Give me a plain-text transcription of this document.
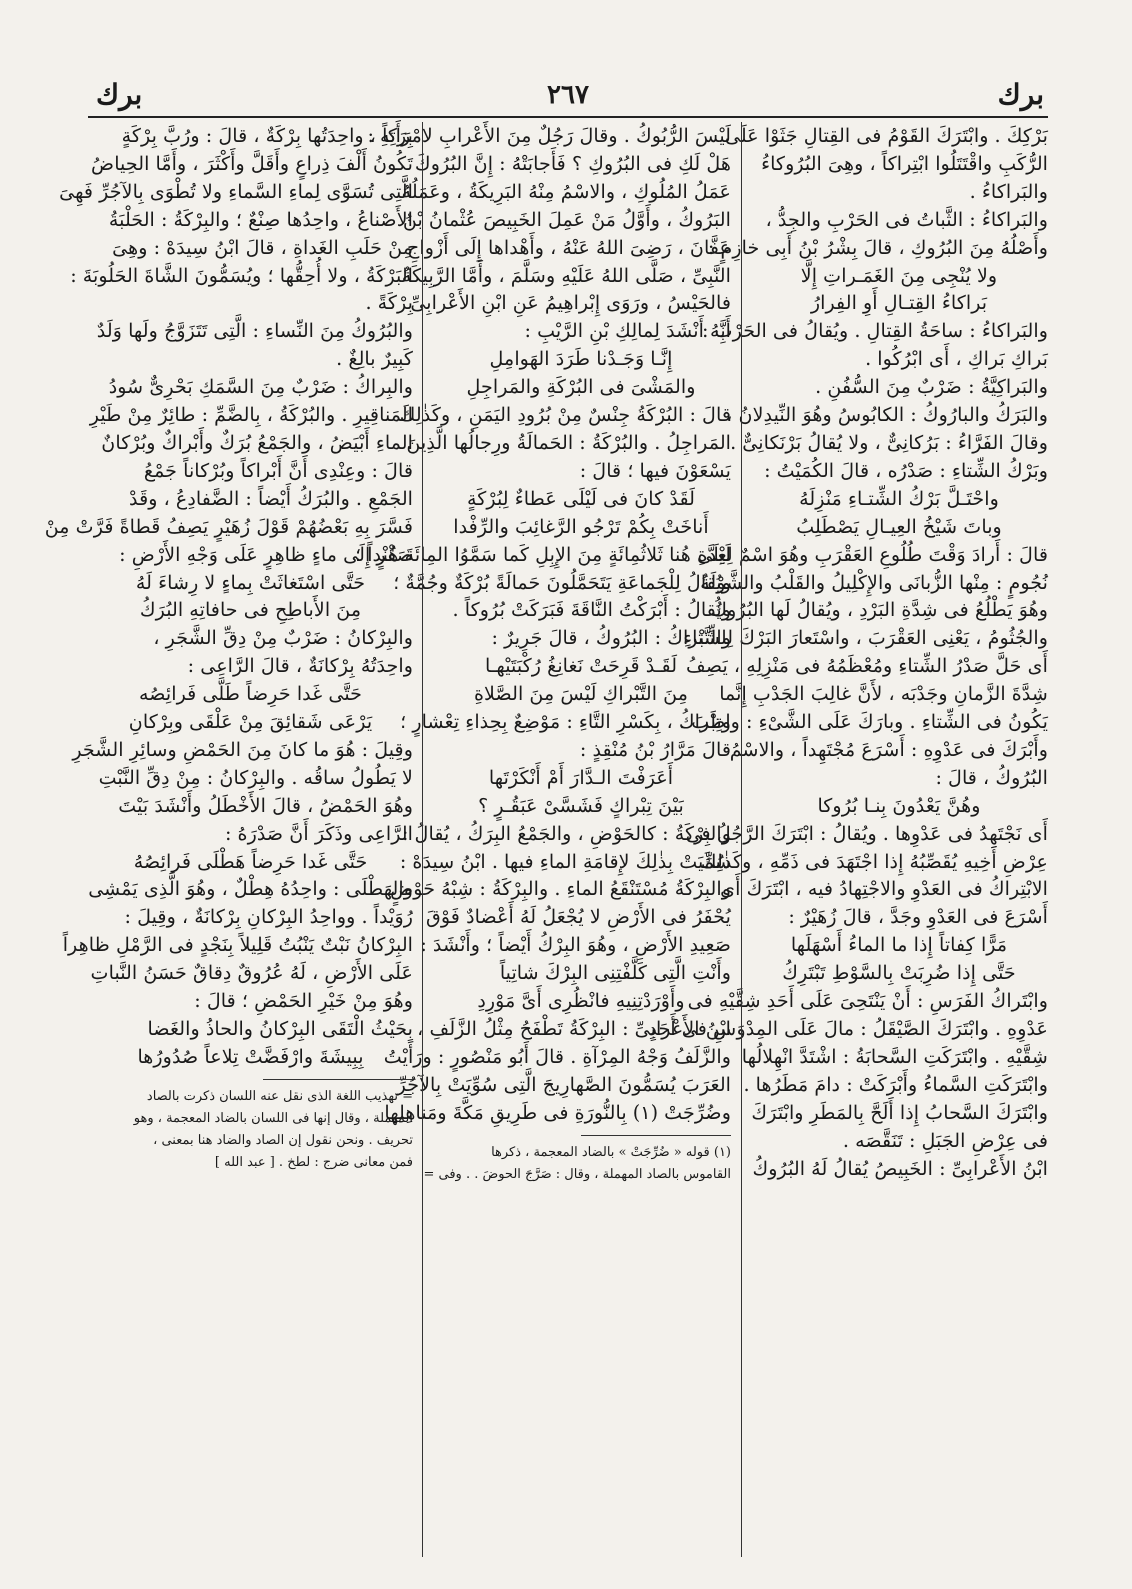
برك	٢٦٧	برك
بَرْكِكَ . وابْتَرَكَ القَوْمُ فى القِتالِ جَثَوْا عَلَى
الرُّكَبِ واقْتَتَلُوا ابْتِراكاً ، وهِىَ البُرُوكاءُ
والبَراكاءُ .
والبَراكاءُ : الثَّباتُ فى الحَرْبِ والجِدُّ ،
وأَصْلُهُ مِنَ البُرُوكِ ، قالَ بِشْرُ بْنُ أَبِى خازِمٍ :
ولا يُنْجِى مِنَ الغَمَـراتِ إِلَّا
بَراكاءُ القِتـالِ أَوِ الفِرارُ
والبَراكاءُ : ساحَةُ القِتالِ . ويُقالُ فى الحَرْبِ :
بَراكِ بَراكِ ، أَى ابْرُكُوا .
والبَراكِيَّةُ : ضَرْبٌ مِنَ السُّفُنِ .
والبَرَكُ والبارُوكُ : الكابُوسُ وهُوَ النِّيدِلانُ ،
وقالَ الفَرَّاءُ : بَرُكانِىٌّ ، ولا يُقالُ بَرْنَكانِىٌّ .
وبَرْكُ الشِّتاءِ : صَدْرُه ، قالَ الكُمَيْتُ :
واحْتَـلَّ بَرْكُ الشِّتـاءِ مَنْزِلَهُ
وباتَ شَيْخُ العِيـالِ يَصْطَلِبُ
قالَ : أَرادَ وَقْتَ طُلُوعِ العَقْرَبِ وهُوَ اسْمٌ لِعِدَّةِ
نُجُومٍ : مِنْها الزُّبانَى والإِكْلِيلُ والقَلْبُ والشَّوْلَةُ
وهُوَ يَطْلُعُ فى شِدَّةِ البَرْدِ ، ويُقالُ لَها البُرُوكُ
والجُثُومُ ، يَعْنِى العَقْرَبَ ، واسْتَعارَ البَرْكَ لِلشِّتاءِ
أَى حَلَّ صَدْرُ الشِّتاءِ ومُعْظَمُهُ فى مَنْزِلِهِ ، يَصِفُ
شِدَّةَ الزَّمانِ وجَدْبَه ، لأَنَّ غالِبَ الجَدْبِ إِنَّما
يَكُونُ فى الشِّتاءِ . وبارَكَ عَلَى الشَّىْءِ : واظَبَ .
وأَبْرَكَ فى عَدْوِهِ : أَسْرَعَ مُجْتَهِداً ، والاسْمُ
البُرُوكُ ، قالَ :
وهُنَّ يَعْدُونَ بِنـا بُرُوكا
أَى نَجْتَهِدُ فى عَدْوِها . ويُقالُ : ابْتَرَكَ الرَّجُلُ فى
عِرْضِ أَخِيهِ يُقَصِّبُهُ إِذا اجْتَهَدَ فى ذَمِّهِ ، وكَذٰلِكَ
الابْتِراكُ فى العَدْوِ والاجْتِهادُ فيه ، ابْتَرَكَ أَى
أَسْرَعَ فى العَدْوِ وجَدَّ ، قالَ زُهَيْرٌ :
مَرًّا كِفاتاً إِذا ما الماءُ أَسْهَلَها
حَتَّى إِذا ضُرِبَتْ بِالسَّوْطِ تَبْتَرِكُ
وابْتَراكُ الفَرَسِ : أَنْ يَنْتَحِىَ عَلَى أَحَدِ شِقَّيْهِ فى
عَدْوِهِ . وابْتَرَكَ الصَّيْقَلُ : مالَ عَلَى المِدْوَسِ فى أَحَدِ
شِقَّيْهِ . وابْتَرَكَتِ السَّحابَةُ : اشْتَدَّ انْهِلالُها
وابْتَرَكَتِ السَّماءُ وأَبْرَكَتْ : دامَ مَطَرُها .
وابْتَرَكَ السَّحابُ إِذا أَلَحَّ بِالمَطَرِ وابْتَرَكَ
فى عِرْضِ الجَبَلِ : تَنَقَّصَه .
ابْنُ الأَعْرابِىِّ : الخَبِيصُ يُقالُ لَهُ البُرُوكُ
لَيْسَ الرُّبُوكُ . وقالَ رَجُلٌ مِنَ الأَعْرابِ لامْرَأَتِهِ :
هَلْ لَكِ فى البُرُوكِ ؟ فَأَجابَتْهُ : إِنَّ البُرُوكَ
عَمَلُ المُلُوكِ ، والاسْمُ مِنْهُ البَرِيكَةُ ، وعَمَلُهُ
البَرُوكُ ، وأَوَّلُ مَنْ عَمِلَ الخَبِيصَ عُثْمانُ بْنُ
عَفَّانَ ، رَضِىَ اللهُ عَنْهُ ، وأَهْداها إِلَى أَزْواجِ
النَّبِىِّ ، صَلَّى اللهُ عَلَيْهِ وسَلَّمَ ، وأَمَّا الرَّبِيكَةُ
فالحَيْسُ ، ورَوَى إِبْراهِيمُ عَنِ ابْنِ الأَعْرابِىِّ
أَنَّهُ أَنْشَدَ لِمالِكِ بْنِ الرَّيْبِ :
إِنَّـا وَجَـدْنا طَرَدَ الهَوامِلِ
والمَشْىَ فى البُرْكَةِ والمَراجِلِ
قالَ : البُرْكَةُ جِنْسٌ مِنْ بُرُودِ اليَمَنِ ، وكَذٰلِكَ
المَراجِلُ . والبُرْكَةُ : الحَمالَةُ ورِجالُها الَّذِينَ
يَسْعَوْنَ فيها ؛ قالَ :
لَقَدْ كانَ فى لَيْلَى عَطاءٌ لِبُرْكَةٍ
أَناخَتْ بِكُمْ تَرْجُو الرَّغائِبَ والرِّفْدا
لَيْلَى هُنا ثَلاثُمِائَةٍ مِنَ الإِبِلِ كَما سَمَّوُا المِائَةَ هُنْداً ؛
ويُقالُ لِلْجَماعَةِ يَتَحَمَّلُونَ حَمالَةً بُرْكَةٌ وجُمَّةٌ ؛
ويُقالُ : أَبْرَكْتُ النَّاقَةَ فَبَرَكَتْ بُرُوكاً .
والتَّبْراكُ : البُرُوكُ ، قالَ جَرِيرٌ :
لَقَـدْ قَرِحَتْ نَغانِغُ رُكْبَتَيْهـا
مِنَ التَّبْراكِ لَيْسَ مِنَ الصَّلاةِ
وتِبْراكُ ، بِكَسْرِ التَّاءِ : مَوْضِعٌ بِحِذاءِ تِعْشارٍ ؛
قالَ مَرَّارُ بْنُ مُنْقِذٍ :
أَعَرَفْتَ الـدَّارَ أَمْ أَنْكَرْتَها
بَيْنَ تِبْراكٍ فَشَسَّىْ عَبَقُـرٍ ؟
والبِرْكَةُ : كالحَوْضِ ، والجَمْعُ البِرَكُ ، يُقالُ :
سُمِّيَتْ بِذٰلِكَ لإِقامَةِ الماءِ فيها . ابْنُ سِيدَهْ :
والبِرْكَةُ مُسْتَنْقَعُ الماءِ . والبِرْكَةُ : شِبْهُ حَوْضٍ
يُحْفَرُ فى الأَرْضِ لا يُجْعَلُ لَهُ أَعْضادٌ فَوْقَ
صَعِيدِ الأَرْضِ ، وهُوَ البِرْكُ أَيْضاً ؛ وأَنْشَدَ :
وأَنْتِ الَّتِى كَلَّفْتِنِى البِرْكَ شاتِياً
وأَوْرَدْتِنِيهِ فانْظُرِى أَىَّ مَوْرِدِ
ابْنُ الأَعْرابِىِّ : البِرْكَةُ تَطْفَحُ مِثْلُ الزَّلَفِ ،
والزَّلَفُ وَجْهُ المِرْآةِ . قالَ أَبُو مَنْصُورٍ : ورَأَيْتُ
العَرَبَ يُسَمُّونَ الصَّهارِيجَ الَّتِى سُوِّيَتْ بِالآجُرِّ
وضُرِّجَتْ (١) بِالنُّورَةِ فى طَرِيقِ مَكَّةَ ومَناهِلِها
(١) قوله « ضُرِّجَتْ » بالضاد المعجمة ، ذكرها
القاموس بالصاد المهملة ، وقال : صَرَّجَ الحوضَ . . وفى =
بِرَكاً ، واحِدَتُها بِرْكَةٌ ، قالَ : ورُبَّ بِرْكَةٍ
تَكُونُ أَلْفَ ذِراعٍ وأَقَلَّ وأَكْثَرَ ، وأَمَّا الحِياضُ
الَّتِى تُسَوَّى لِماءِ السَّماءِ ولا تُطْوَى بِالآجُرِّ فَهِىَ
الأَصْناعُ ، واحِدُها صِنْعٌ ؛ والبِرْكَةُ : الحَلْبَةُ
مِنْ حَلَبِ الغَداةِ ، قالَ ابْنُ سِيدَهْ : وهِىَ
البَرْكَةُ ، ولا أُحِقُّها ؛ ويُسَمُّونَ الشَّاةَ الحَلُوبَةَ :
بِرْكَةً .
والبُرُوكُ مِنَ النِّساءِ : الَّتِى تَتَزَوَّجُ ولَها وَلَدٌ
كَبِيرٌ بالِغٌ .
والبِراكُ : ضَرْبٌ مِنَ السَّمَكِ بَحْرِىٌّ سُودُ
المَناقِيرِ . والبُرْكَةُ ، بِالضَّمِّ : طائِرٌ مِنْ طَيْرِ
الماءِ أَبْيَضُ ، والجَمْعُ بُرَكٌ وأَبْراكٌ وبُرْكانٌ
قالَ : وعِنْدِى أَنَّ أَبْراكاً وبُرْكاناً جَمْعُ
الجَمْعِ . والبُرَكُ أَيْضاً : الضَّفادِعُ ، وقَدْ
فَسَّرَ بِهِ بَعْضُهُمْ قَوْلَ زُهَيْرٍ يَصِفُ قَطاةً فَرَّتْ مِنْ
صَقْرٍ إِلَى ماءٍ ظاهِرٍ عَلَى وَجْهِ الأَرْضِ :
حَتَّى اسْتَغاثَتْ بِماءٍ لا رِشاءَ لَهُ
مِنَ الأَباطِحِ فى حافاتِهِ البُرَكُ
والبِرْكانُ : ضَرْبٌ مِنْ دِقِّ الشَّجَرِ ،
واحِدَتُهُ بِرْكانَةٌ ، قالَ الرَّاعِى :
حَتَّى غَدا حَرِضاً طَلَّى فَرائِصُه
يَرْعَى شَقائِقَ مِنْ عَلْقَى وبِرْكانِ
وقِيلَ : هُوَ ما كانَ مِنَ الحَمْضِ وسائِرِ الشَّجَرِ
لا يَطُولُ ساقُه . والبِرْكانُ : مِنْ دِقِّ النَّبْتِ
وهُوَ الحَمْضُ ، قالَ الأَخْطَلُ وأَنْشَدَ بَيْتَ
الرَّاعِى وذَكَرَ أَنَّ صَدْرَهُ :
حَتَّى غَدا حَرِضاً هَطْلَى فَرائِصُهُ
والهَطْلَى : واحِدُهُ هِطْلٌ ، وهُوَ الَّذِى يَمْشِى
رُوَيْداً . وواحِدُ البِرْكانِ بِرْكانَةٌ ، وقِيلَ :
البِرْكانُ نَبْتٌ يَنْبُتُ قَلِيلاً بِنَجْدٍ فى الرَّمْلِ ظاهِراً
عَلَى الأَرْضِ ، لَهُ عُرُوقٌ دِقاقٌ حَسَنُ النَّباتِ
وهُوَ مِنْ خَيْرِ الحَمْضِ ؛ قالَ :
بِحَيْثُ الْتَقَى البِرْكانُ والحاذُ والغَضا
بِبِيشَةَ وارْفَضَّتْ تِلاعاً صُدُورُها
= تهذيب اللغة الذى نقل عنه اللسان ذكرت بالصاد
المهملة ، وقال إنها فى اللسان بالضاد المعجمة ، وهو
تحريف . ونحن نقول إن الصاد والضاد هنا بمعنى ،
فمن معانى ضرج : لطخ . [ عبد الله ]
